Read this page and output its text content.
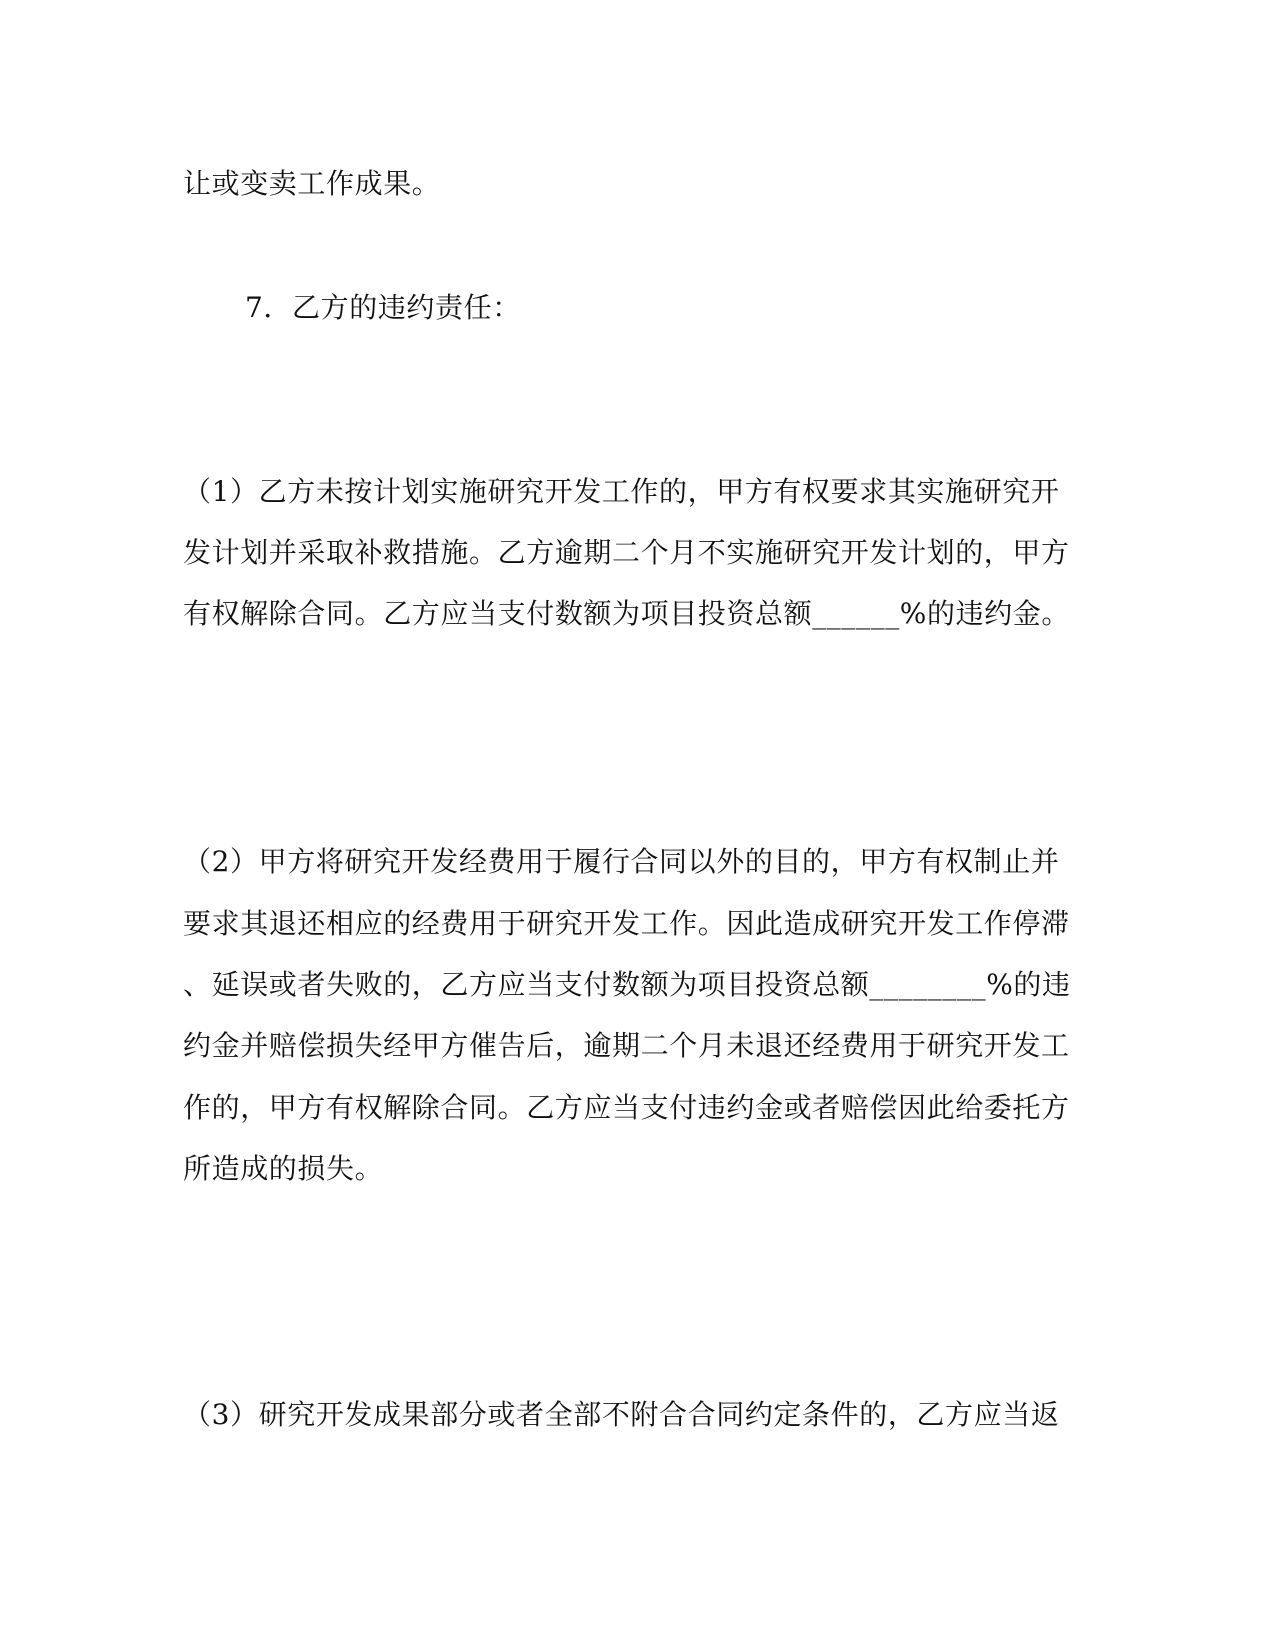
让或变卖工作成果。
7．乙方的违约责任：
（1）乙方未按计划实施研究开发工作的，甲方有权要求其实施研究开
发计划并采取补救措施。乙方逾期二个月不实施研究开发计划的，甲方
有权解除合同。乙方应当支付数额为项目投资总额______%的违约金。
（2）甲方将研究开发经费用于履行合同以外的目的，甲方有权制止并
要求其退还相应的经费用于研究开发工作。因此造成研究开发工作停滞
、延误或者失败的，乙方应当支付数额为项目投资总额________%的违
约金并赔偿损失经甲方催告后，逾期二个月未退还经费用于研究开发工
作的，甲方有权解除合同。乙方应当支付违约金或者赔偿因此给委托方
所造成的损失。
（3）研究开发成果部分或者全部不附合合同约定条件的，乙方应当返
